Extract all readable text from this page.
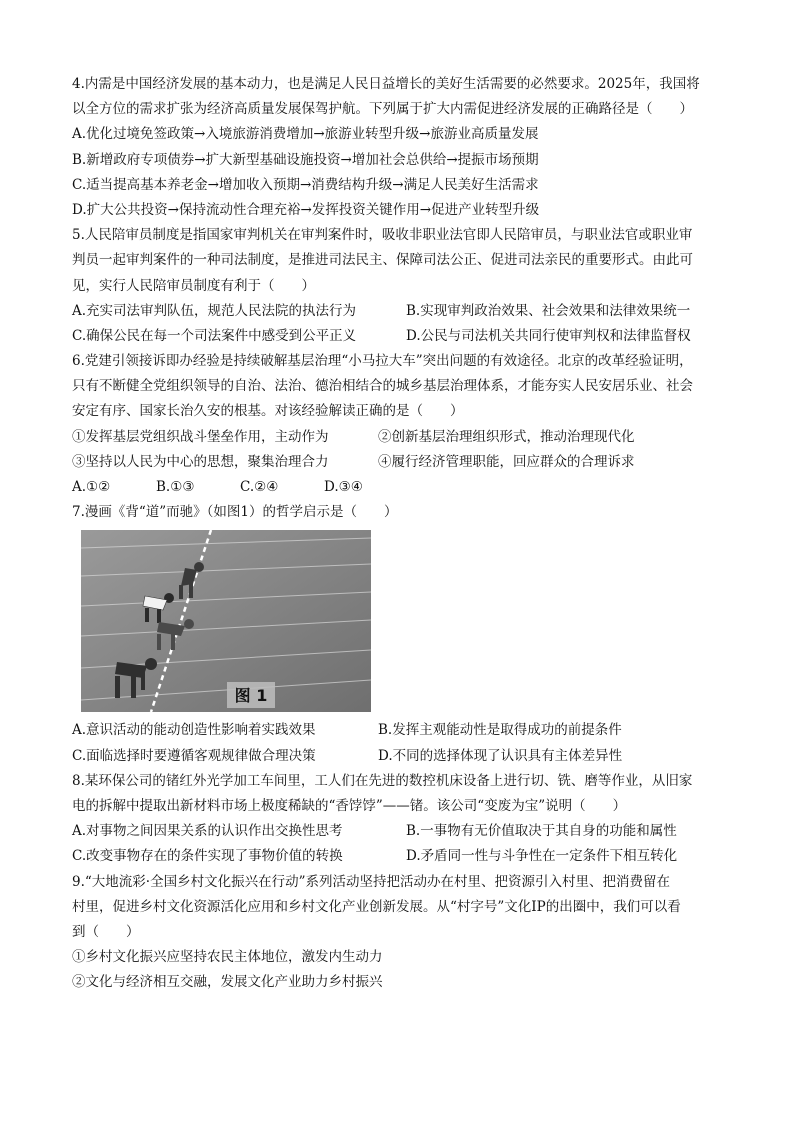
4.内需是中国经济发展的基本动力，也是满足人民日益增长的美好生活需要的必然要求。2025年，我国将
以全方位的需求扩张为经济高质量发展保驾护航。下列属于扩大内需促进经济发展的正确路径是（　　）
A.优化过境免签政策→入境旅游消费增加→旅游业转型升级→旅游业高质量发展
B.新增政府专项债券→扩大新型基础设施投资→增加社会总供给→提振市场预期
C.适当提高基本养老金→增加收入预期→消费结构升级→满足人民美好生活需求
D.扩大公共投资→保持流动性合理充裕→发挥投资关键作用→促进产业转型升级
5.人民陪审员制度是指国家审判机关在审判案件时，吸收非职业法官即人民陪审员，与职业法官或职业审
判员一起审判案件的一种司法制度，是推进司法民主、保障司法公正、促进司法亲民的重要形式。由此可
见，实行人民陪审员制度有利于（　　）
A.充实司法审判队伍，规范人民法院的执法行为	B.实现审判政治效果、社会效果和法律效果统一
C.确保公民在每一个司法案件中感受到公平正义	D.公民与司法机关共同行使审判权和法律监督权
6.党建引领接诉即办经验是持续破解基层治理“小马拉大车”突出问题的有效途径。北京的改革经验证明，
只有不断健全党组织领导的自治、法治、德治相结合的城乡基层治理体系，才能夯实人民安居乐业、社会
安定有序、国家长治久安的根基。对该经验解读正确的是（　　）
①发挥基层党组织战斗堡垒作用，主动作为	②创新基层治理组织形式，推动治理现代化
③坚持以人民为中心的思想，聚集治理合力	④履行经济管理职能，回应群众的合理诉求
A.①②	B.①③	C.②④	D.③④
7.漫画《背“道”而驰》（如图1）的哲学启示是（　　）
图 1
A.意识活动的能动创造性影响着实践效果	B.发挥主观能动性是取得成功的前提条件
C.面临选择时要遵循客观规律做合理决策	D.不同的选择体现了认识具有主体差异性
8.某环保公司的锗红外光学加工车间里，工人们在先进的数控机床设备上进行切、铣、磨等作业，从旧家
电的拆解中提取出新材料市场上极度稀缺的“香饽饽”——锗。该公司“变废为宝”说明（　　）
A.对事物之间因果关系的认识作出交换性思考	B.一事物有无价值取决于其自身的功能和属性
C.改变事物存在的条件实现了事物价值的转换	D.矛盾同一性与斗争性在一定条件下相互转化
9.“大地流彩·全国乡村文化振兴在行动”系列活动坚持把活动办在村里、把资源引入村里、把消费留在
村里，促进乡村文化资源活化应用和乡村文化产业创新发展。从“村字号”文化IP的出圈中，我们可以看
到（　　）
①乡村文化振兴应坚持农民主体地位，激发内生动力
②文化与经济相互交融，发展文化产业助力乡村振兴
